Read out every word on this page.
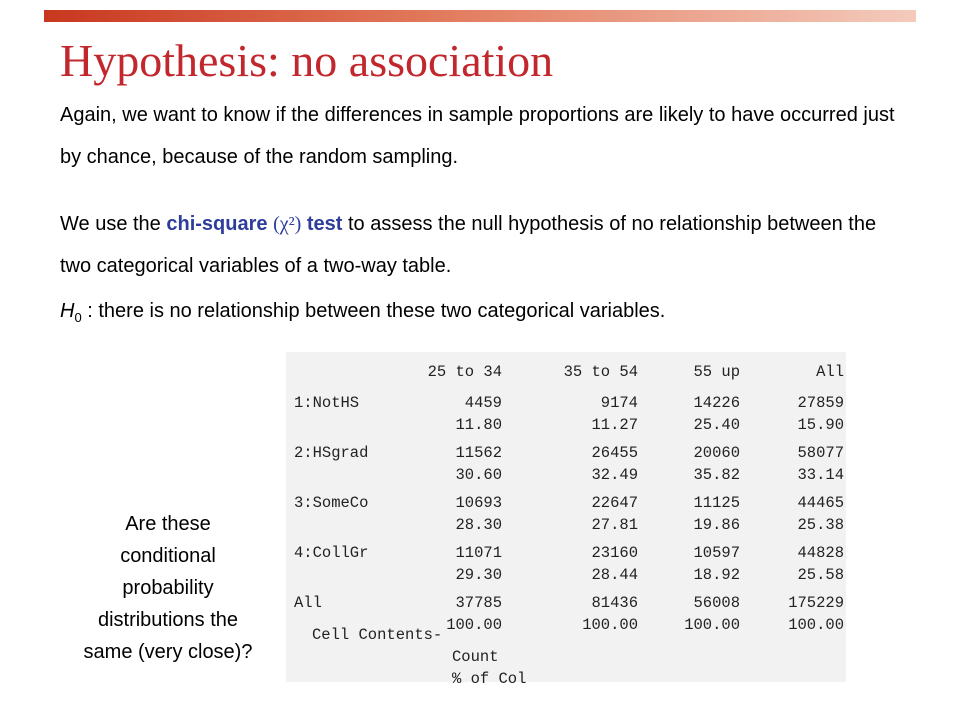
Hypothesis: no association

Again, we want to know if the differences in sample proportions are likely to have occurred just by chance, because of the random sampling.

We use the chi-square (χ²) test to assess the null hypothesis of no relationship between the two categorical variables of a two-way table.

$H_0$ : there is no relationship between these two categorical variables.

	25 to 34	35 to 54	55 up	All

1:NotHS	4459	9174	14226	27859
	11.80	11.27	25.40	15.90

2:HSgrad	11562	26455	20060	58077
	30.60	32.49	35.82	33.14

3:SomeCo	10693	22647	11125	44465
	28.30	27.81	19.86	25.38

4:CollGr	11071	23160	10597	44828
	29.30	28.44	18.92	25.58

All	37785	81436	56008	175229
	100.00	100.00	100.00	100.00
Cell Contents-
Count
% of Col
Are these conditional probability distributions the same (very close)?
